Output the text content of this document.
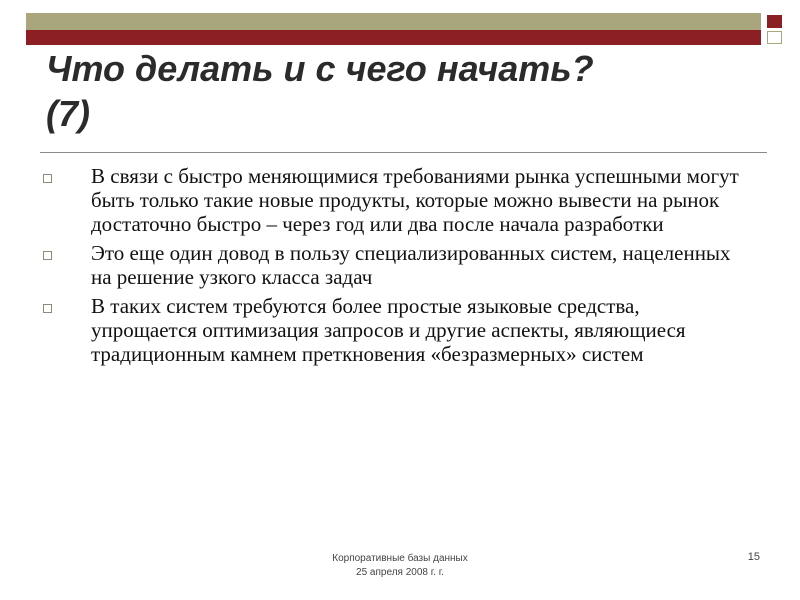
Что делать и с чего начать?
(7)
В связи с быстро меняющимися требованиями рынка успешными могут быть только такие новые продукты, которые можно вывести на рынок достаточно быстро – через год или два после начала разработки
Это еще один довод в пользу специализированных систем, нацеленных на решение узкого класса задач
В таких систем требуются более простые языковые средства, упрощается оптимизация запросов и другие аспекты, являющиеся традиционным камнем преткновения «безразмерных» систем
Корпоративные базы данных
25 апреля 2008 г. г.
15
